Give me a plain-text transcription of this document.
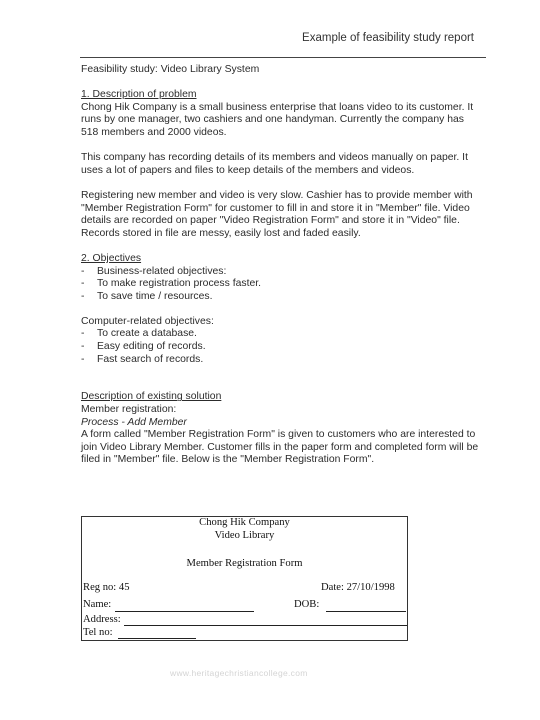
Example of feasibility study report

Feasibility study: Video Library System

1. Description of problem

Chong Hik Company is a small business enterprise that loans video to its customer. It runs by one manager, two cashiers and one handyman. Currently the company has 518 members and 2000 videos.

This company has recording details of its members and videos manually on paper. It uses a lot of papers and files to keep details of the members and videos.

Registering new member and video is very slow. Cashier has to provide member with "Member Registration Form" for customer to fill in and store it in "Member" file. Video details are recorded on paper "Video Registration Form" and store it in "Video" file. Records stored in file are messy, easily lost and faded easily.

2. Objectives

- Business-related objectives:
- To make registration process faster.
- To save time / resources.

Computer-related objectives:

- To create a database.
- Easy editing of records.
- Fast search of records.

Description of existing solution

Member registration:

Process - Add Member

A form called "Member Registration Form" is given to customers who are interested to join Video Library Member. Customer fills in the paper form and completed form will be filed in "Member" file. Below is the "Member Registration Form".

Chong Hik Company
Video Library
Member Registration Form
Reg no: 45	Date: 27/10/1998
Name:	DOB:
Address:
Tel no:
www.heritagechristiancollege.com
